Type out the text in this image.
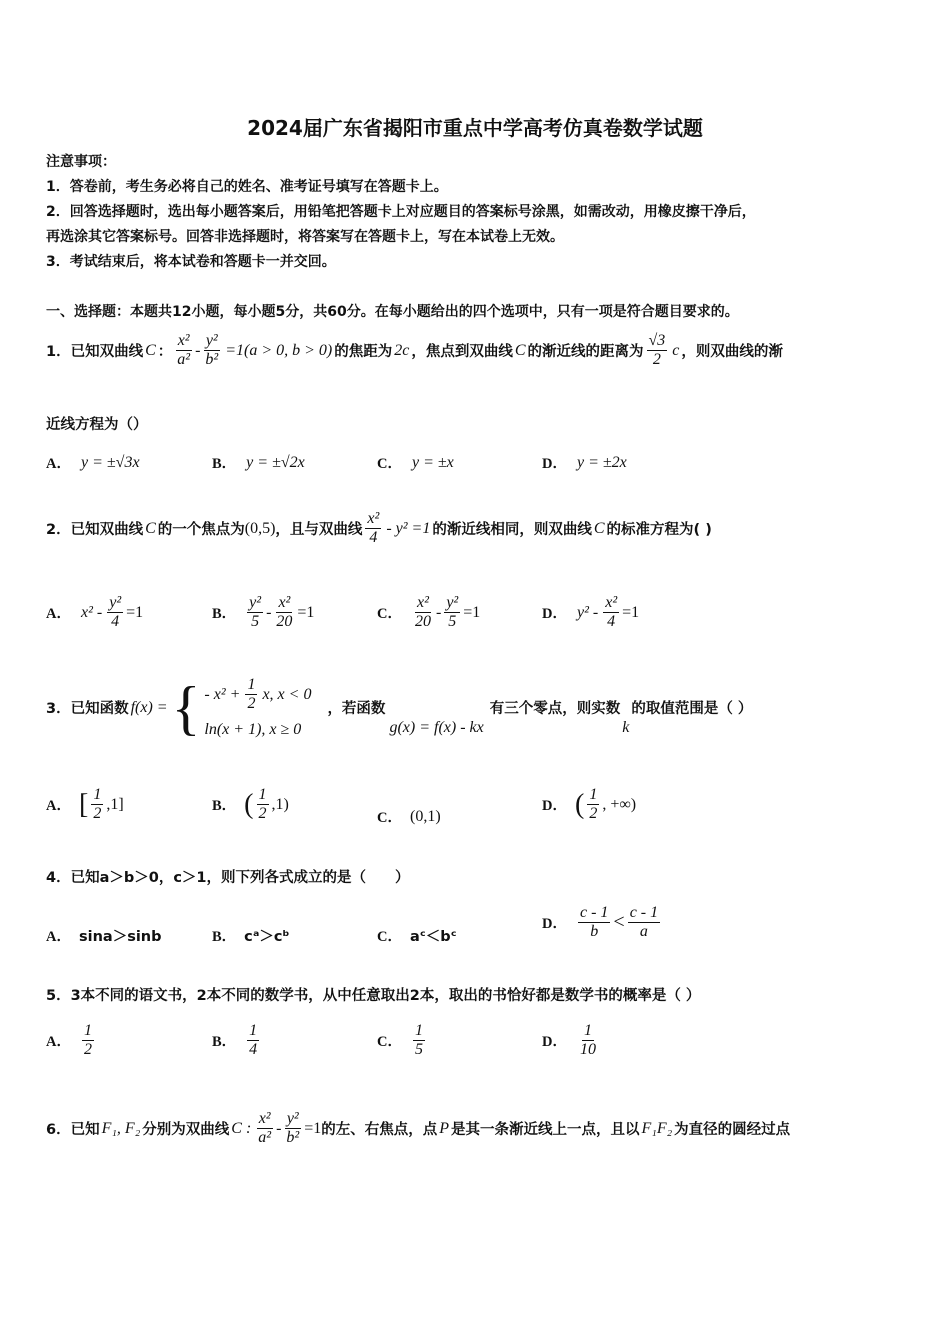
2024届广东省揭阳市重点中学高考仿真卷数学试题
注意事项：
1．答卷前，考生务必将自己的姓名、准考证号填写在答题卡上。
2．回答选择题时，选出每小题答案后，用铅笔把答题卡上对应题目的答案标号涂黑，如需改动，用橡皮擦干净后，
再选涂其它答案标号。回答非选择题时，将答案写在答题卡上，写在本试卷上无效。
3．考试结束后，将本试卷和答题卡一并交回。
一、选择题：本题共12小题，每小题5分，共60分。在每小题给出的四个选项中，只有一项是符合题目要求的。
1．已知双曲线 C ： $\frac{\text{x²}}{\text{a²}} - \frac{\text{y²}}{\text{b²}} =1(a > 0$, b > 0) 的焦距为 2c ，焦点到双曲线 C 的渐近线的距离为 $\frac{√3}{2}$ c ，则双曲线的渐
近线方程为（）
A． y = ±√3x	B． y = ±√2x	C． y = ±x	D． y = ±2x
2．已知双曲线 C 的一个焦点为 (0,5) ，且与双曲线 $\frac{\text{x²}}{4} - y^2 =1$ 的渐近线相同，则双曲线 C 的标准方程为( )
A． $x^2 - \frac{\text{y²}}{4} =1$	B． $\frac{\text{y²}}{5} - \frac{\text{x²}}{20} =1$	C． $\frac{\text{x²}}{20} - \frac{\text{y²}}{5} =1$	D． $y^2 - \frac{\text{x²}}{4} =1$
3．已知函数 f(x) = { - $x^2 + \frac{1}{2} x$, x < 0
ln(x + 1), x ≥ 0
，若函数
g(x) = f(x) - kx
有三个零点，则实数
k
的取值范围是（ ）
A． [ $\frac{1}{2} ,1$]	B． ( $\frac{1}{2} ,1$)
C． (0,1)
D． ( $\frac{1}{2}$ , +∞)
4．已知a＞b＞0，c＞1，则下列各式成立的是（　　）
A． sina＞sinb	B． cᵃ＞cᵇ	C． aᶜ＜bᶜ
D． $\frac{c - 1}{b} < \frac{c - 1}{a}$
5．3本不同的语文书，2本不同的数学书，从中任意取出2本，取出的书恰好都是数学书的概率是（ ）
A． $\frac{1}{2}$	B． $\frac{1}{4}$	C． $\frac{1}{5}$	D． $\frac{1}{10}$
6．已知 F₁, F₂ 分别为双曲线 C : $\frac{\text{x²}}{\text{a²}} - \frac{\text{y²}}{\text{b²}} =1$ 的左、右焦点，点 P 是其一条渐近线上一点，且以 F₁F₂ 为直径的圆经过点
